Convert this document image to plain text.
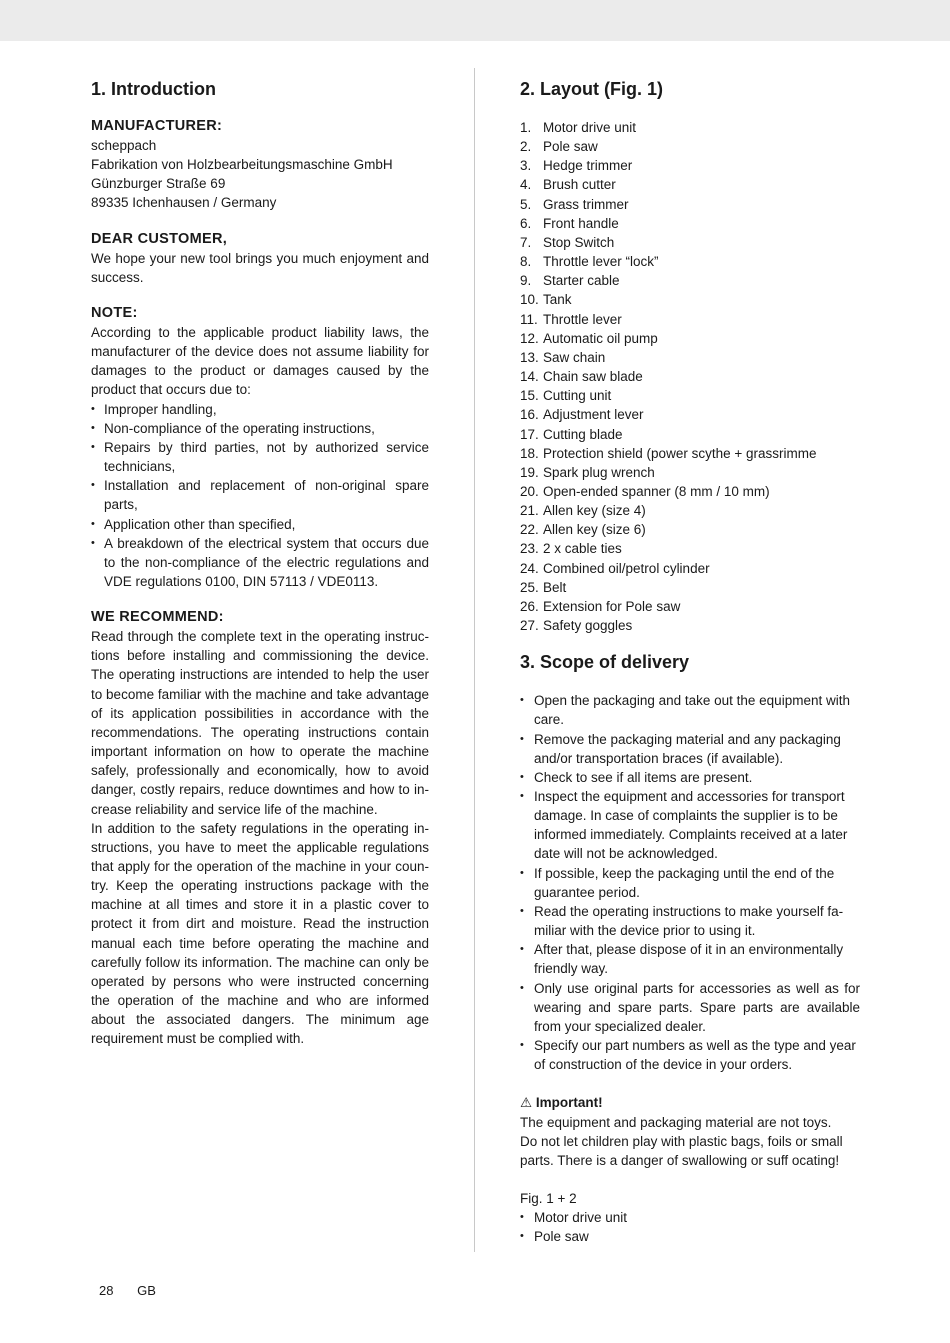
1. Introduction
MANUFACTURER:
scheppach
Fabrikation von Holzbearbeitungsmaschine GmbH
Günzburger Straße 69
89335 Ichenhausen / Germany
DEAR CUSTOMER,
We hope your new tool brings you much enjoyment and success.
NOTE:
According to the applicable product liability laws, the manufacturer of the device does not assume liability for damages to the product or damages caused by the product that occurs due to:
• Improper handling,
• Non-compliance of the operating instructions,
• Repairs by third parties, not by authorized service technicians,
• Installation and replacement of non-original spare parts,
• Application other than specified,
• A breakdown of the electrical system that occurs due to the non-compliance of the electric regulations and VDE regulations 0100, DIN 57113 / VDE0113.
WE RECOMMEND:
Read through the complete text in the operating instructions before installing and commissioning the device. The operating instructions are intended to help the user to become familiar with the machine and take advantage of its application possibilities in accordance with the recommendations. The operating instructions contain important information on how to operate the machine safely, professionally and economically, how to avoid danger, costly repairs, reduce downtimes and how to increase reliability and service life of the machine.
In addition to the safety regulations in the operating instructions, you have to meet the applicable regulations that apply for the operation of the machine in your country. Keep the operating instructions package with the machine at all times and store it in a plastic cover to protect it from dirt and moisture. Read the instruction manual each time before operating the machine and carefully follow its information. The machine can only be operated by persons who were instructed concerning the operation of the machine and who are informed about the associated dangers. The minimum age requirement must be complied with.
2. Layout (Fig. 1)
1. Motor drive unit
2. Pole saw
3. Hedge trimmer
4. Brush cutter
5. Grass trimmer
6. Front handle
7. Stop Switch
8. Throttle lever “lock”
9. Starter cable
10. Tank
11. Throttle lever
12. Automatic oil pump
13. Saw chain
14. Chain saw blade
15. Cutting unit
16. Adjustment lever
17. Cutting blade
18. Protection shield (power scythe + grassrimme
19. Spark plug wrench
20. Open-ended spanner (8 mm / 10 mm)
21. Allen key (size 4)
22. Allen key (size 6)
23. 2 x cable ties
24. Combined oil/petrol cylinder
25. Belt
26. Extension for Pole saw
27. Safety goggles
3. Scope of delivery
• Open the packaging and take out the equipment with care.
• Remove the packaging material and any packaging and/or transportation braces (if available).
• Check to see if all items are present.
• Inspect the equipment and accessories for transport damage. In case of complaints the supplier is to be informed immediately. Complaints received at a later date will not be acknowledged.
• If possible, keep the packaging until the end of the guarantee period.
• Read the operating instructions to make yourself familiar with the device prior to using it.
• After that, please dispose of it in an environmentally friendly way.
• Only use original parts for accessories as well as for wearing and spare parts. Spare parts are available from your specialized dealer.
• Specify our part numbers as well as the type and year of construction of the device in your orders.
⚠ Important!
The equipment and packaging material are not toys.
Do not let children play with plastic bags, foils or small
parts. There is a danger of swallowing or suff ocating!
Fig. 1 + 2
• Motor drive unit
• Pole saw
28 GB
